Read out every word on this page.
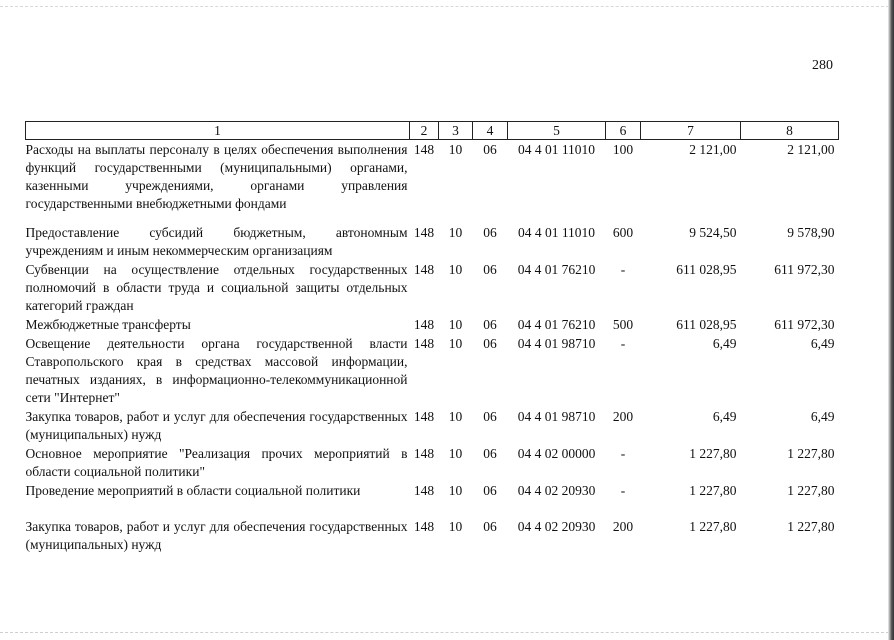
280
1	2	3	4	5	6	7	8
Расходы на выплаты персоналу в целях обеспечения выполнения функций государственными (муниципальными) органами, казенными учреждениями, органами управления государственными внебюджетными фондами	148	10	06	04 4 01 11010	100	2 121,00	2 121,00
Предоставление субсидий бюджетным, автономным учреждениям и иным некоммерческим организациям	148	10	06	04 4 01 11010	600	9 524,50	9 578,90
Субвенции на осуществление отдельных государственных полномочий в области труда и социальной защиты отдельных категорий граждан	148	10	06	04 4 01 76210	-	611 028,95	611 972,30
Межбюджетные трансферты	148	10	06	04 4 01 76210	500	611 028,95	611 972,30
Освещение деятельности органа государственной власти Ставропольского края в средствах массовой информации, печатных изданиях, в информационно-телекоммуникационной сети "Интернет"	148	10	06	04 4 01 98710	-	6,49	6,49
Закупка товаров, работ и услуг для обеспечения государственных (муниципальных) нужд	148	10	06	04 4 01 98710	200	6,49	6,49
Основное мероприятие "Реализация прочих мероприятий в области социальной политики"	148	10	06	04 4 02 00000	-	1 227,80	1 227,80
Проведение мероприятий в области социальной политики	148	10	06	04 4 02 20930	-	1 227,80	1 227,80
Закупка товаров, работ и услуг для обеспечения государственных (муниципальных) нужд	148	10	06	04 4 02 20930	200	1 227,80	1 227,80
